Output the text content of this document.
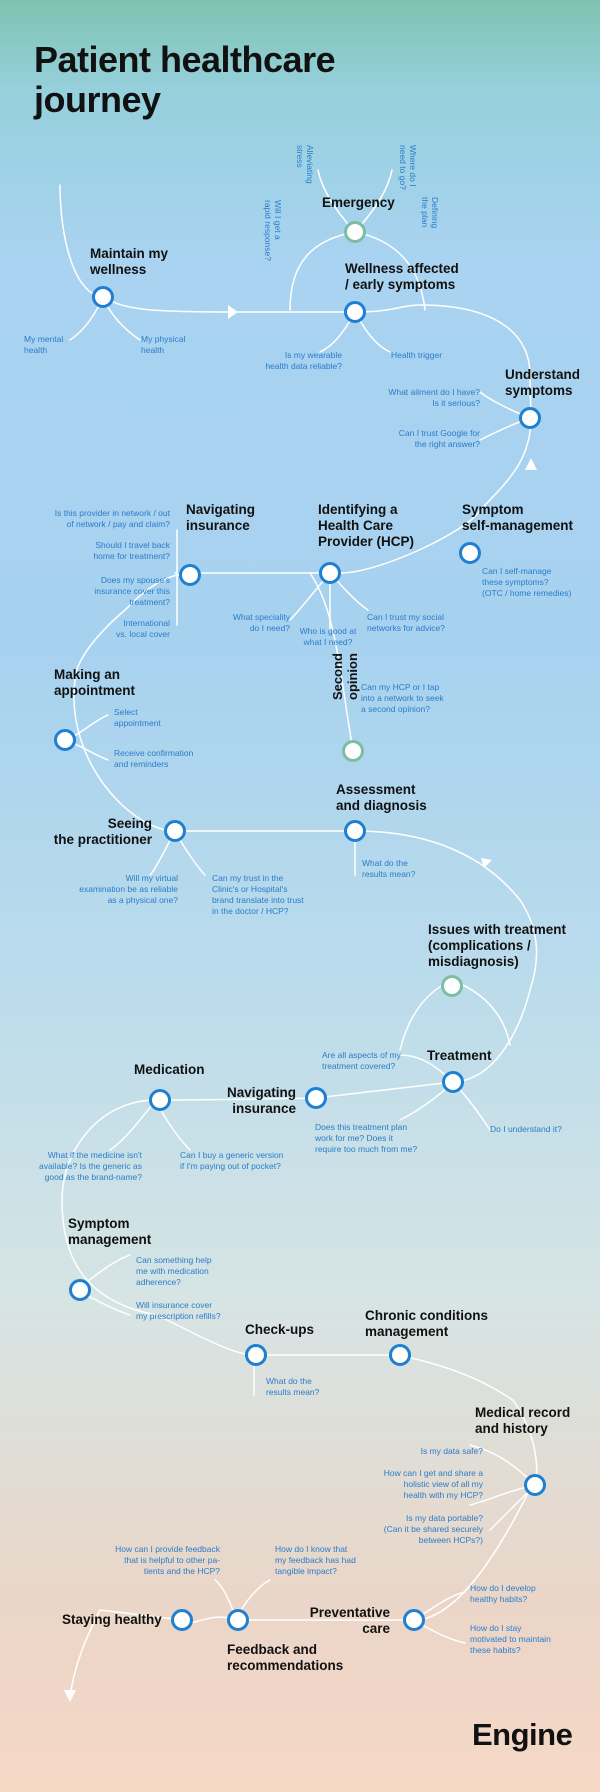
Patient healthcare
journey
Maintain my
wellness
Emergency
Wellness affected
/ early symptoms
Understand
symptoms
Symptom
self-management
Identifying a
Health Care
Provider (HCP)
Navigating
insurance
Making an
appointment	Second opinion
Assessment
and diagnosis
Seeing
the practitioner
Issues with treatment
(complications /
misdiagnosis)
Treatment
Navigating
insurance
Medication
Symptom
management
Check-ups
Chronic conditions
management
Medical record
and history
Preventative
care
Feedback and
recommendations
Staying healthy
My mental
health
My physical
health
Alleviating
stress
Will I get a
rapid response?
Where do I
need to go?
Defining
the plan
Is my wearable
health data reliable?
Health trigger
What ailment do I have?
Is it serious?
Can I trust Google for
the right answer?
Can I self-manage
these symptoms?
(OTC / home remedies)
What speciality
do I need?	Who is good at
what I need?
Can I trust my social
networks for advice?
Is this provider in network / out
of network / pay and claim?
Should I travel back
home for treatment?
Does my spouse's
insurance cover this
treatment?
International
vs. local cover
Select
appointment
Receive confirmation
and reminders
Can my HCP or I tap
into a network to seek
a second opinion?
What do the
results mean?
Will my virtual
examination be as reliable
as a physical one?
Can my trust in the
Clinic's or Hospital's
brand translate into trust
in the doctor / HCP?
Are all aspects of my
treatment covered?
Does this treatment plan
work for me? Does it
require too much from me?
Do I understand it?
What if the medicine isn't
available? Is the generic as
good as the brand-name?
Can I buy a generic version
if I'm paying out of pocket?
Can something help
me with medication
adherence?
Will insurance cover
my prescription refills?
What do the
results mean?
Is my data safe?
How can I get and share a
holistic view of all my
health with my HCP?
Is my data portable?
(Can it be shared securely
between HCPs?)
How can I provide feedback
that is helpful to other pa-
tients and the HCP?
How do I know that
my feedback has had
tangible impact?
How do I develop
healthy habits?
How do I stay
motivated to maintain
these habits?
Engine
